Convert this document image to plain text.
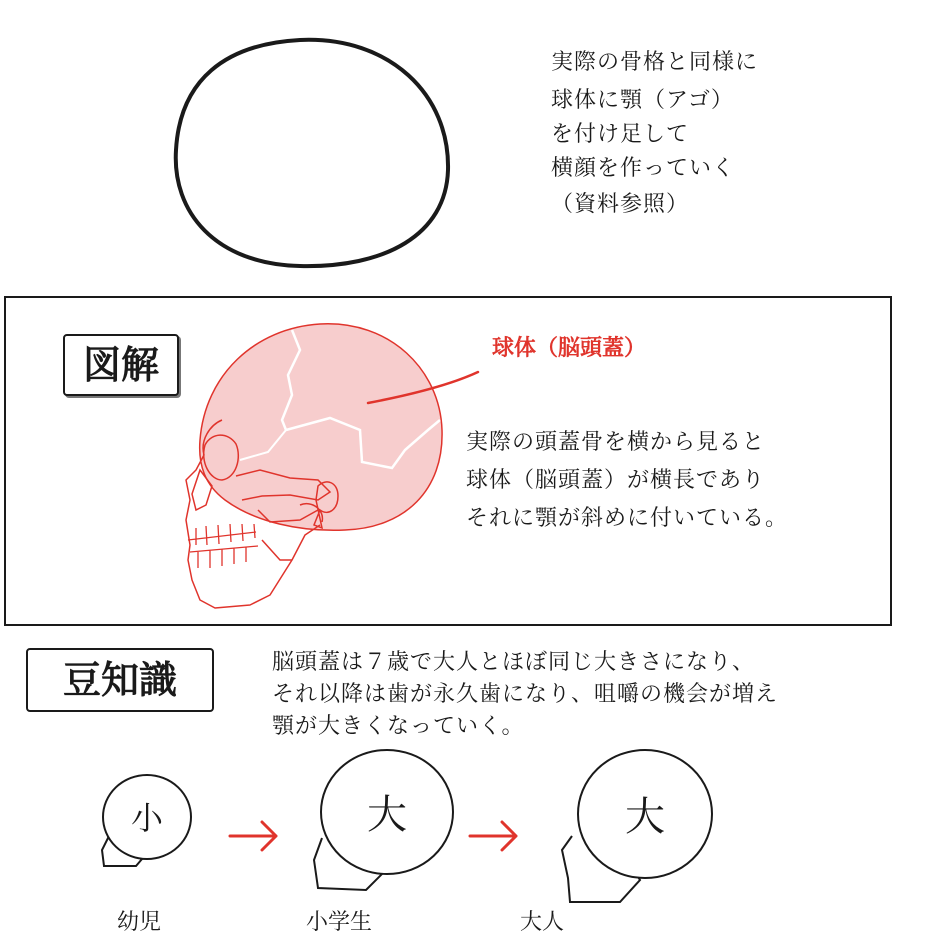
実際の骨格と同様に
球体に顎（アゴ）
を付け足して
横顔を作っていく
（資料参照）
図解	球体（脳頭蓋）
実際の頭蓋骨を横から見ると
球体（脳頭蓋）が横長であり
それに顎が斜めに付いている。
豆知識	脳頭蓋は７歳で大人とほぼ同じ大きさになり、
それ以降は歯が永久歯になり、咀嚼の機会が増え
顎が大きくなっていく。
小	大	大
幼児	小学生	大人
